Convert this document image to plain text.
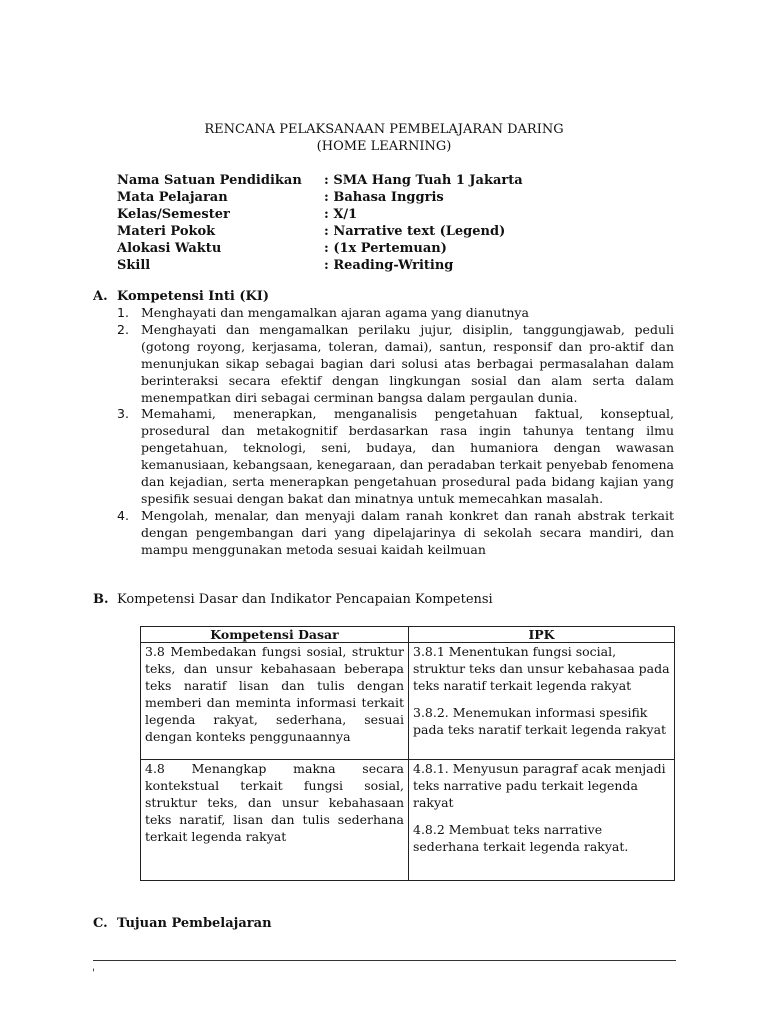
RENCANA PELAKSANAAN PEMBELAJARAN DARING
(HOME LEARNING)
Nama Satuan Pendidikan : SMA Hang Tuah 1 Jakarta
Mata Pelajaran	: Bahasa Inggris
Kelas/Semester	: X/1
Materi Pokok	: Narrative text (Legend)
Alokasi Waktu	: (1x Pertemuan)
Skill	: Reading-Writing
A. Kompetensi Inti (KI)
1. Menghayati dan mengamalkan ajaran agama yang dianutnya
2. Menghayati dan mengamalkan perilaku jujur, disiplin, tanggungjawab, peduli (gotong royong, kerjasama, toleran, damai), santun, responsif dan pro-aktif dan menunjukan sikap sebagai bagian dari solusi atas berbagai permasalahan dalam berinteraksi secara efektif dengan lingkungan sosial dan alam serta dalam menempatkan diri sebagai cerminan bangsa dalam pergaulan dunia.
3. Memahami, menerapkan, menganalisis pengetahuan faktual, konseptual, prosedural dan metakognitif berdasarkan rasa ingin tahunya tentang ilmu pengetahuan, teknologi, seni, budaya, dan humaniora dengan wawasan kemanusiaan, kebangsaan, kenegaraan, dan peradaban terkait penyebab fenomena dan kejadian, serta menerapkan pengetahuan prosedural pada bidang kajian yang spesifik sesuai dengan bakat dan minatnya untuk memecahkan masalah.
4. Mengolah, menalar, dan menyaji dalam ranah konkret dan ranah abstrak terkait dengan pengembangan dari yang dipelajarinya di sekolah secara mandiri, dan mampu menggunakan metoda sesuai kaidah keilmuan
B. Kompetensi Dasar dan Indikator Pencapaian Kompetensi
Kompetensi Dasar	IPK
3.8 Membedakan fungsi sosial, struktur teks, dan unsur kebahasaan beberapa teks naratif lisan dan tulis dengan memberi dan meminta informasi terkait legenda rakyat, sederhana, sesuai dengan konteks penggunaannya	3.8.1 Menentukan fungsi social, struktur teks dan unsur kebahasaa pada teks naratif terkait legenda rakyat
3.8.2. Menemukan informasi spesifik pada teks naratif terkait legenda rakyat

4.8 Menangkap makna secara kontekstual terkait fungsi sosial, struktur teks, dan unsur kebahasaan teks naratif, lisan dan tulis sederhana terkait legenda rakyat	4.8.1. Menyusun paragraf acak menjadi teks narrative padu terkait legenda rakyat
4.8.2 Membuat teks narrative sederhana terkait legenda rakyat.
C. Tujuan Pembelajaran
'
